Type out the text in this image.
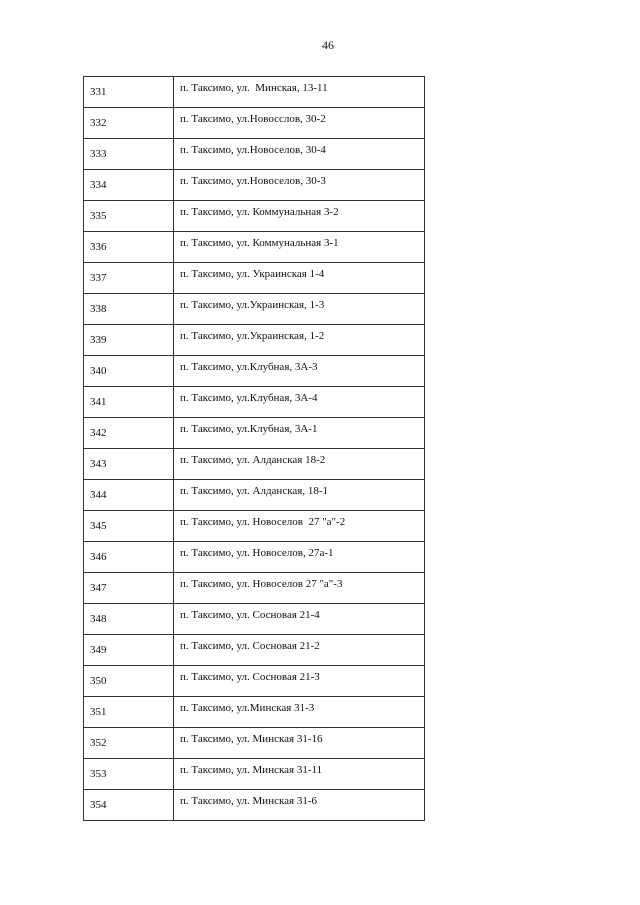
46
331	п. Таксимо, ул.  Минская, 13-11
332	п. Таксимо, ул.Новосслов, 30-2
333	п. Таксимо, ул.Новоселов, 30-4
334	п. Таксимо, ул.Новоселов, 30-3
335	п. Таксимо, ул. Коммунальная 3-2
336	п. Таксимо, ул. Коммунальная 3-1
337	п. Таксимо, ул. Украинская 1-4
338	п. Таксимо, ул.Украинская, 1-3
339	п. Таксимо, ул.Украинская, 1-2
340	п. Таксимо, ул.Клубная, 3А-3
341	п. Таксимо, ул.Клубная, 3А-4
342	п. Таксимо, ул.Клубная, 3А-1
343	п. Таксимо, ул. Алданская 18-2
344	п. Таксимо, ул. Алданская, 18-1
345	п. Таксимо, ул. Новоселов  27 "а"-2
346	п. Таксимо, ул. Новоселов, 27а-1
347	п. Таксимо, ул. Новоселов 27 "а"-3
348	п. Таксимо, ул. Сосновая 21-4
349	п. Таксимо, ул. Сосновая 21-2
350	п. Таксимо, ул. Сосновая 21-3
351	п. Таксимо, ул.Минская 31-3
352	п. Таксимо, ул. Минская 31-16
353	п. Таксимо, ул. Минская 31-11
354	п. Таксимо, ул. Минская 31-6
